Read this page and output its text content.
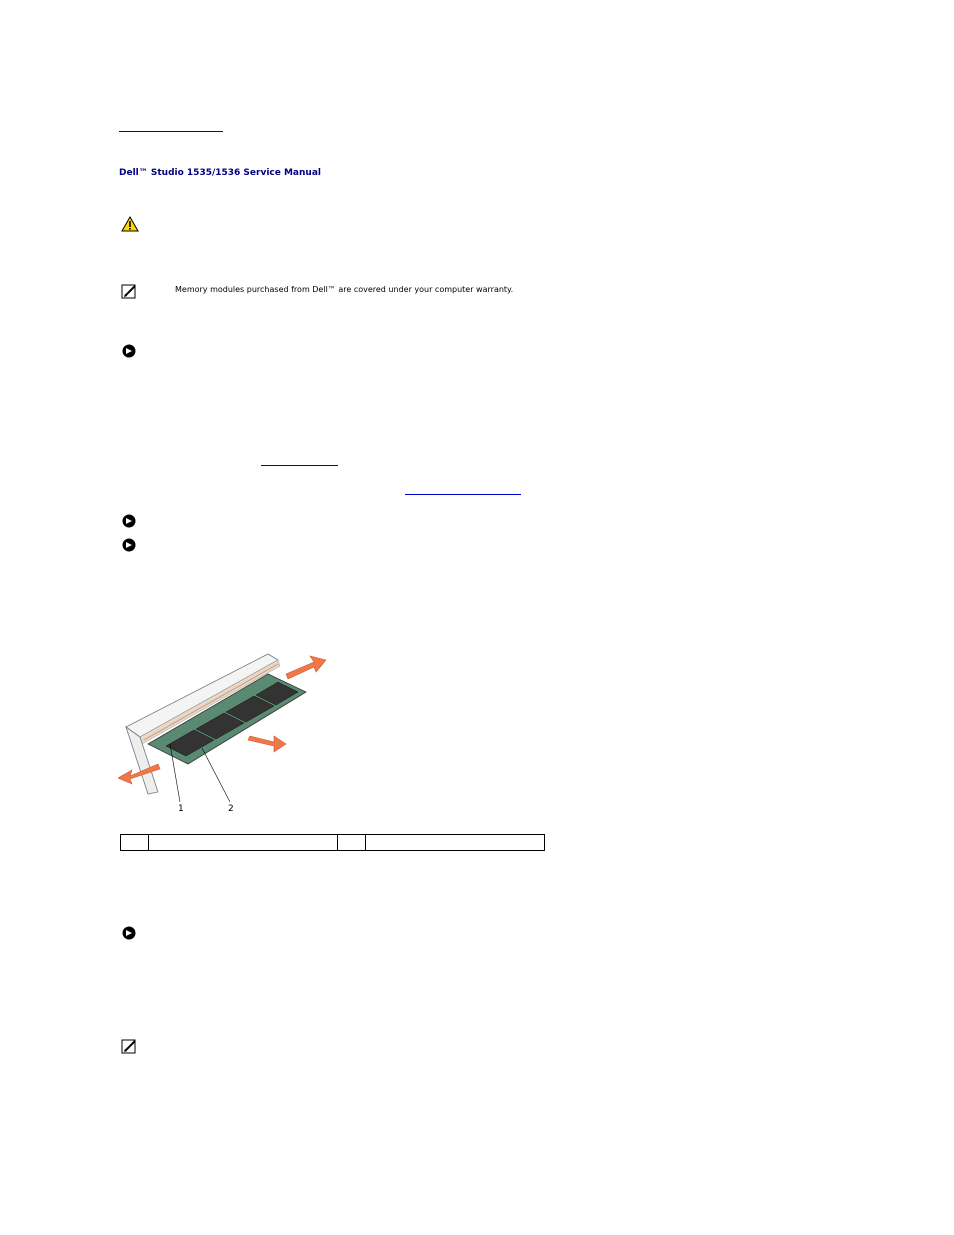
Dell™ Studio 1535/1536 Service Manual
Memory modules purchased from Dell™ are covered under your computer warranty.
1	2
